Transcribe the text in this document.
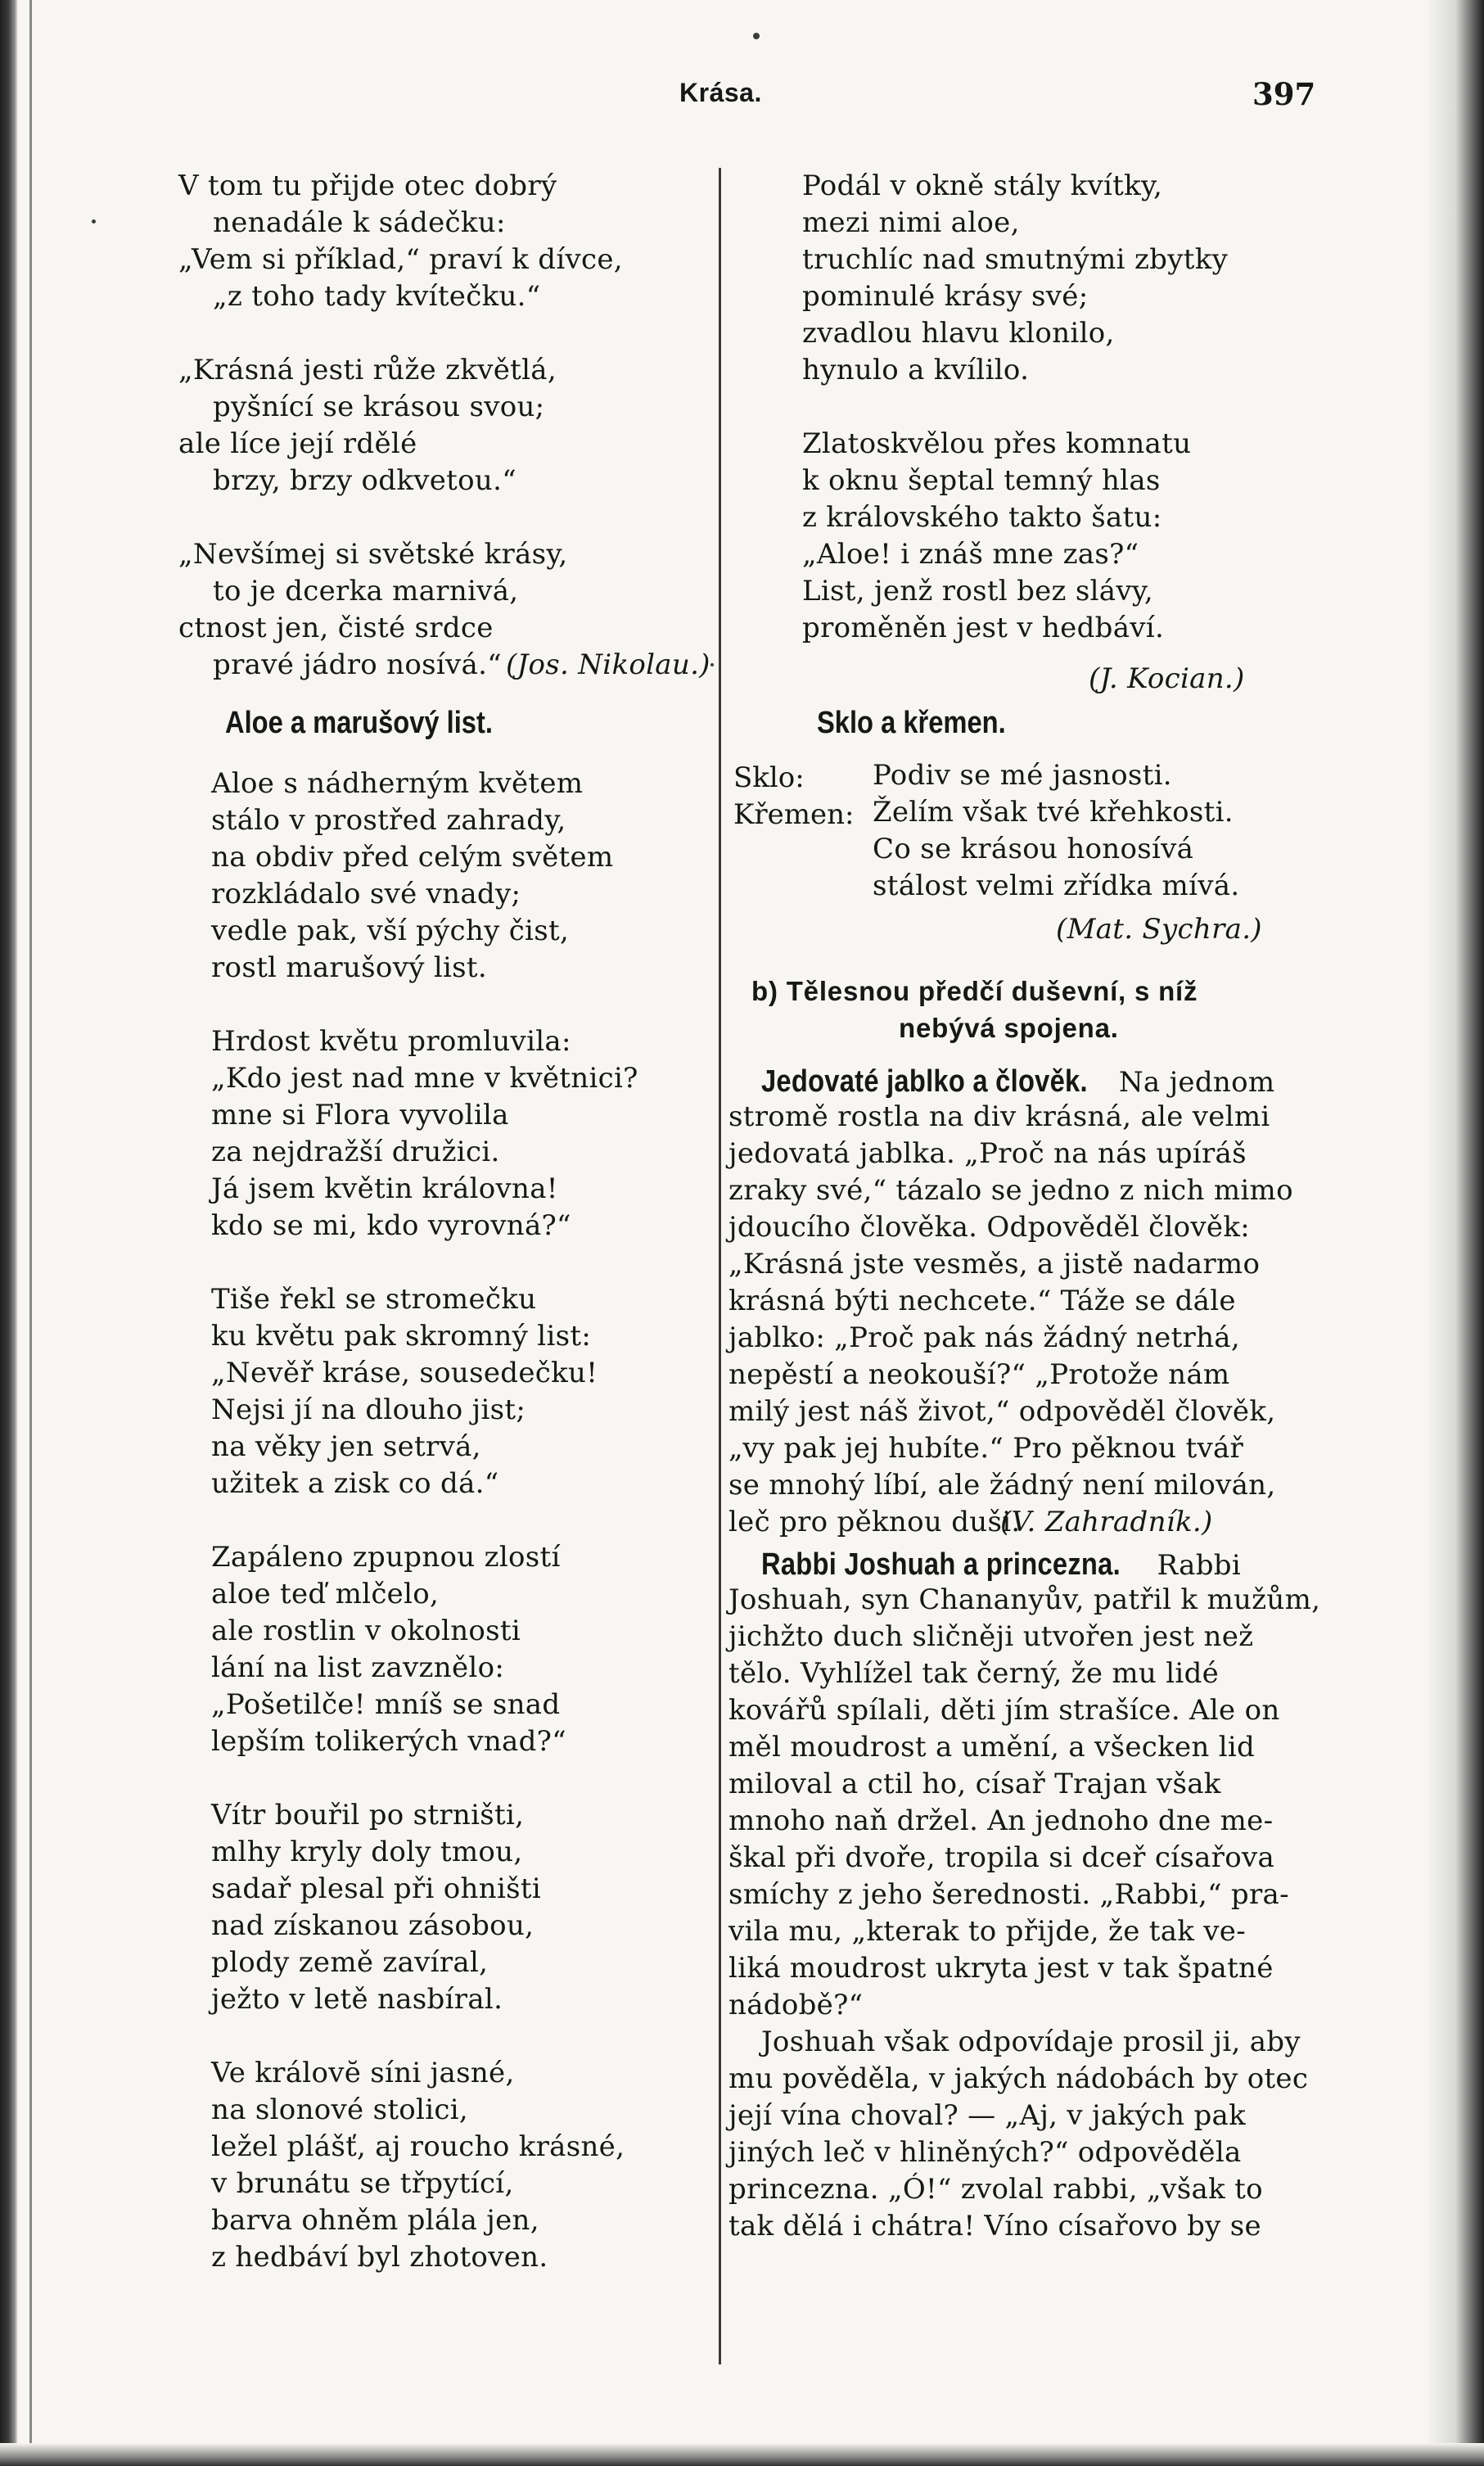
Krása.	397
V tom tu přijde otec dobrý
nenadále k sádečku:
„Vem si příklad,“ praví k dívce,
„z toho tady kvítečku.“
„Krásná jesti růže zkvětlá,
pyšnící se krásou svou;
ale líce její rdělé
brzy, brzy odkvetou.“
„Nevšímej si světské krásy,
to je dcerka marnivá,
ctnost jen, čisté srdce
pravé jádro nosívá.“ (Jos. Nikolau.)
Aloe a marušový list.
Aloe s nádherným květem
stálo v prostřed zahrady,
na obdiv před celým světem
rozkládalo své vnady;
vedle pak, vší pýchy čist,
rostl marušový list.
Hrdost květu promluvila:
„Kdo jest nad mne v květnici?
mne si Flora vyvolila
za nejdražší družici.
Já jsem květin královna!
kdo se mi, kdo vyrovná?“
Tiše řekl se stromečku
ku květu pak skromný list:
„Nevěř kráse, sousedečku!
Nejsi jí na dlouho jist;
na věky jen setrvá,
užitek a zisk co dá.“
Zapáleno zpupnou zlostí
aloe teď mlčelo,
ale rostlin v okolnosti
lání na list zavznělo:
„Pošetilče! mníš se snad
lepším tolikerých vnad?“
Vítr bouřil po strništi,
mlhy kryly doly tmou,
sadař plesal při ohništi
nad získanou zásobou,
plody země zavíral,
ježto v letě nasbíral.
Ve královĕ síni jasné,
na slonové stolici,
ležel plášť, aj roucho krásné,
v brunátu se třpytící,
barva ohněm plála jen,
z hedbáví byl zhotoven.
Podál v okně stály kvítky,
mezi nimi aloe,
truchlíc nad smutnými zbytky
pominulé krásy své;
zvadlou hlavu klonilo,
hynulo a kvílilo.
Zlatoskvělou přes komnatu
k oknu šeptal temný hlas
z královského takto šatu:
„Aloe! i znáš mne zas?“
List, jenž rostl bez slávy,
proměněn jest v hedbáví.
(J. Kocian.)
Sklo a křemen.
Sklo: Podiv se mé jasnosti.
Křemen: Želím však tvé křehkosti.
Co se krásou honosívá
stálost velmi zřídka mívá.
(Mat. Sychra.)
b) Tělesnou předčí duševní, s níž
nebývá spojena.
Jedovaté jablko a člověk. Na jednom
stromě rostla na div krásná, ale velmi
jedovatá jablka. „Proč na nás upíráš
zraky své,“ tázalo se jedno z nich mimo
jdoucího člověka. Odpověděl člověk:
„Krásná jste vesměs, a jistě nadarmo
krásná býti nechcete.“ Táže se dále
jablko: „Proč pak nás žádný netrhá,
nepěstí a neokouší?“ „Protože nám
milý jest náš život,“ odpověděl člověk,
„vy pak jej hubíte.“ Pro pěknou tvář
se mnohý líbí, ale žádný není milován,
leč pro pěknou duši.
(V. Zahradník.)
Rabbi Joshuah a princezna. Rabbi
Joshuah, syn Chananyův, patřil k mužům,
jichžto duch sličněji utvořen jest než
tělo. Vyhlížel tak černý, že mu lidé
kovářů spílali, děti jím strašíce. Ale on
měl moudrost a umění, a všecken lid
miloval a ctil ho, císař Trajan však
mnoho naň držel. An jednoho dne me-
škal při dvoře, tropila si dceř císařova
smíchy z jeho šerednosti. „Rabbi,“ pra-
vila mu, „kterak to přijde, že tak ve-
liká moudrost ukryta jest v tak špatné
nádobě?“
Joshuah však odpovídaje prosil ji, aby
mu pověděla, v jakých nádobách by otec
její vína choval? — „Aj, v jakých pak
jiných leč v hliněných?“ odpověděla
princezna. „Ó!“ zvolal rabbi, „však to
tak dělá i chátra! Víno císařovo by se
